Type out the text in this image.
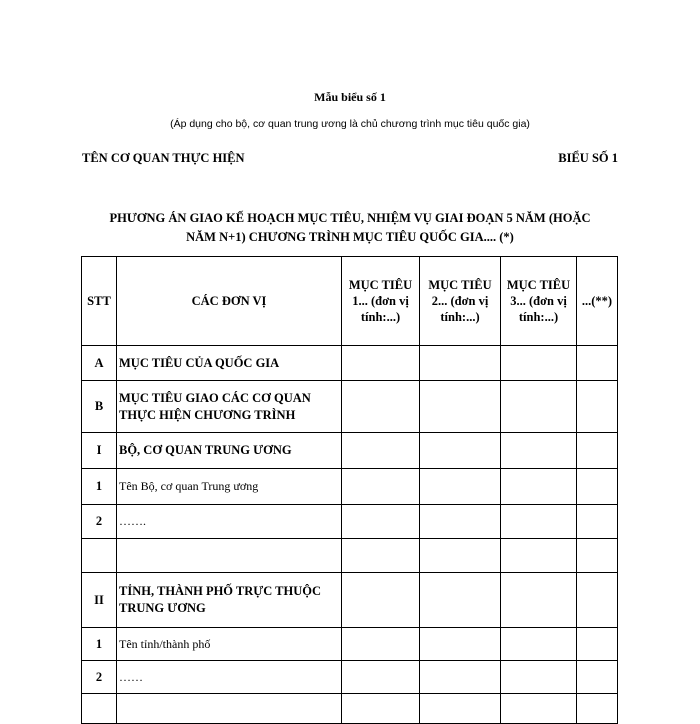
Mẫu biểu số 1
(Áp dụng cho bộ, cơ quan trung ương là chủ chương trình mục tiêu quốc gia)
TÊN CƠ QUAN THỰC HIỆN	BIỂU SỐ 1
PHƯƠNG ÁN GIAO KẾ HOẠCH MỤC TIÊU, NHIỆM VỤ GIAI ĐOẠN 5 NĂM (HOẶC
NĂM N+1) CHƯƠNG TRÌNH MỤC TIÊU QUỐC GIA.... (*)
STT	CÁC ĐƠN VỊ	MỤC TIÊU 1... (đơn vị tính:...)	MỤC TIÊU 2... (đơn vị tính:...)	MỤC TIÊU 3... (đơn vị tính:...)	...(**)
A	MỤC TIÊU CỦA QUỐC GIA				
B	MỤC TIÊU GIAO CÁC CƠ QUAN THỰC HIỆN CHƯƠNG TRÌNH				
I	BỘ, CƠ QUAN TRUNG ƯƠNG				
1	Tên Bộ, cơ quan Trung ương				
2	…….				

II	TỈNH, THÀNH PHỐ TRỰC THUỘC TRUNG ƯƠNG				
1	Tên tỉnh/thành phố				
2	……				
